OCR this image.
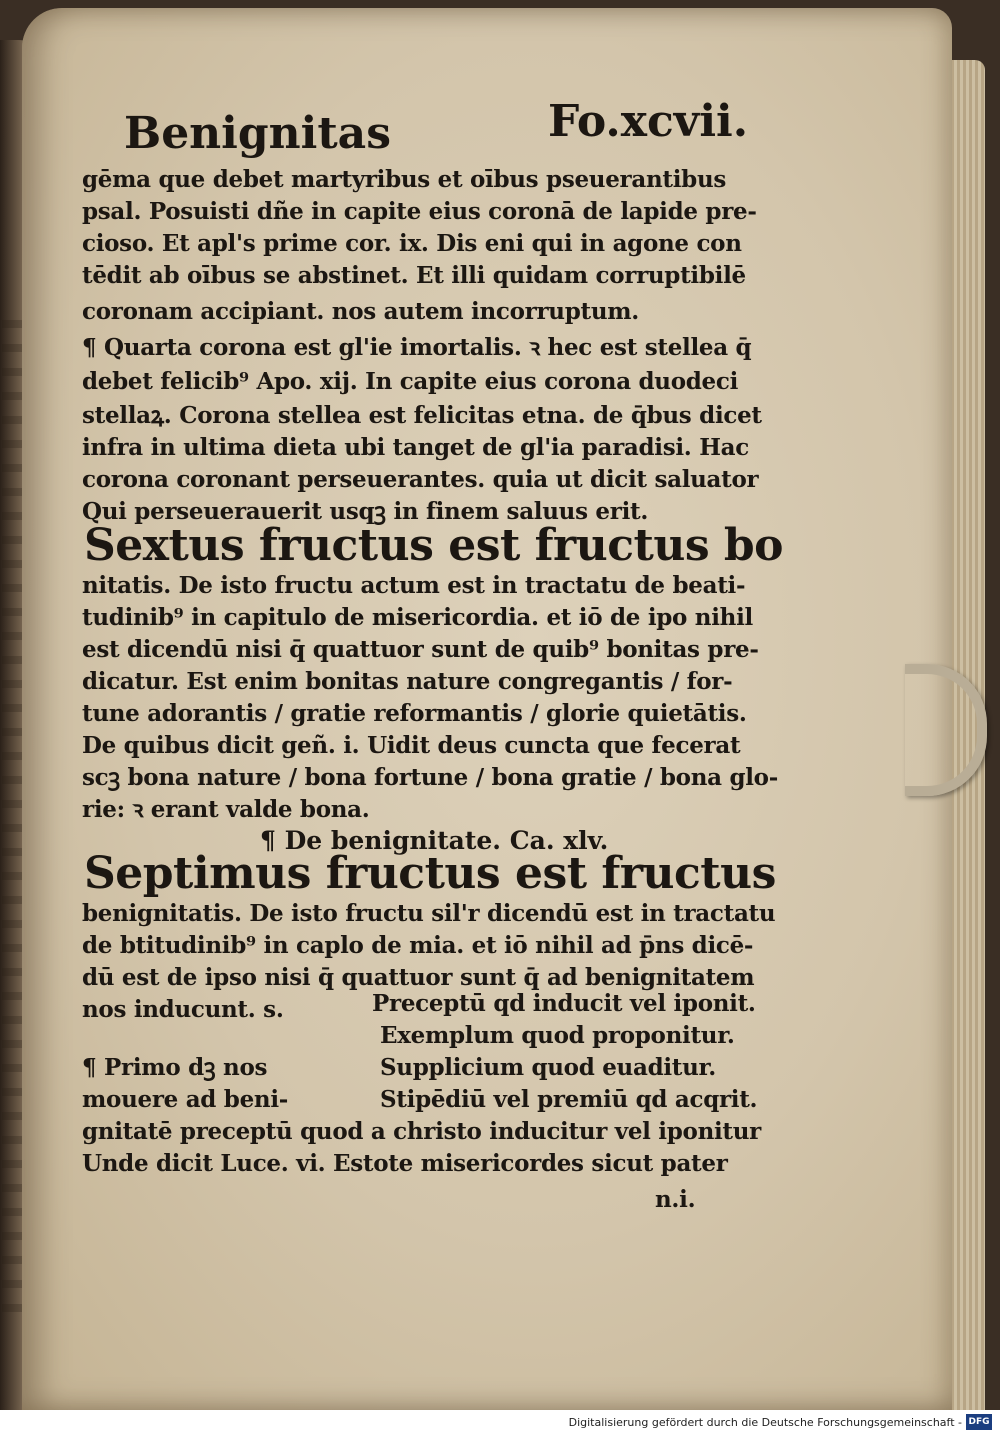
Benignitas	Fo.xcvii.
gēma que debet martyribus et oībus pseuerantibus
psal. Posuisti dñe in capite eius coronā de lapide pre-
cioso. Et apl's prime cor. ix. Dis eni qui in agone con
tēdit ab oībus se abstinet. Et illi quidam corruptibilē
coronam accipiant. nos autem incorruptum.
¶ Quarta corona est gl'ie imortalis. ꝛ hec est stellea q̄
debet felicib⁹ Apo. xij. In capite eius corona duodeci
stellaꝝ. Corona stellea est felicitas etna. de q̄bus dicet
infra in ultima dieta ubi tanget de gl'ia paradisi. Hac
corona coronant perseuerantes. quia ut dicit saluator
Qui perseuerauerit usqꝫ in finem saluus erit.
Sextus fructus est fructus bo
nitatis. De isto fructu actum est in tractatu de beati-
tudinib⁹ in capitulo de misericordia. et iō de ipo nihil
est dicendū nisi q̄ quattuor sunt de quib⁹ bonitas pre-
dicatur. Est enim bonitas nature congregantis / for-
tune adorantis / gratie reformantis / glorie quietātis.
De quibus dicit geñ. i. Uidit deus cuncta que fecerat
scꝫ bona nature / bona fortune / bona gratie / bona glo-
rie: ꝛ erant valde bona.
¶ De benignitate. Ca. xlv.
Septimus fructus est fructus
benignitatis. De isto fructu sil'r dicendū est in tractatu
de btitudinib⁹ in caplo de mia. et iō nihil ad p̄ns dicē-
dū est de ipso nisi q̄ quattuor sunt q̄ ad benignitatem
nos inducunt. s.	Preceptū qd inducit vel iponit.
Exemplum quod proponitur.
Supplicium quod euaditur.
Stipēdiū vel premiū qd acqrit.
¶ Primo dꝫ nos
mouere ad beni-
gnitatē preceptū quod a christo inducitur vel iponitur
Unde dicit Luce. vi. Estote misericordes sicut pater
n.i.
Digitalisierung gefördert durch die Deutsche Forschungsgemeinschaft - DFG
